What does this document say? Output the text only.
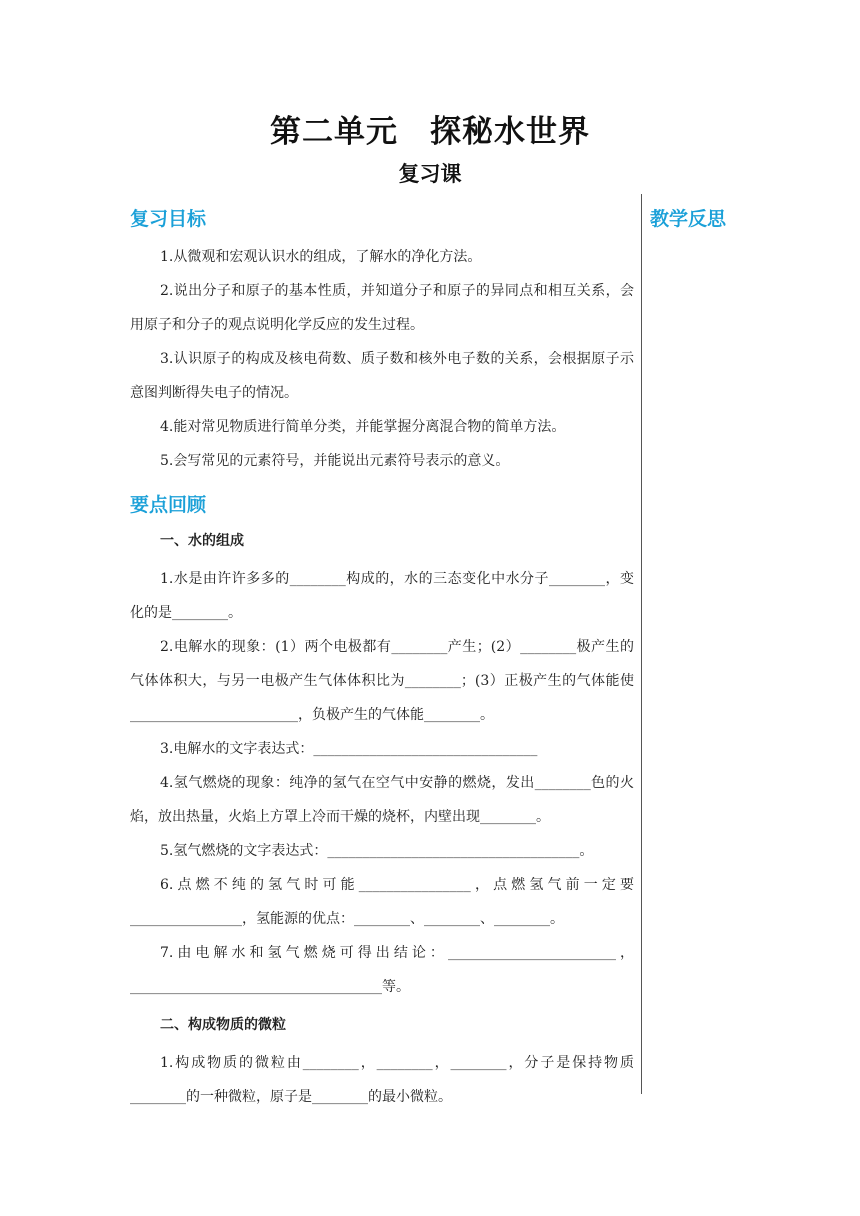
第二单元　探秘水世界
复习课
教学反思
复习目标

1.从微观和宏观认识水的组成，了解水的净化方法。

2.说出分子和原子的基本性质，并知道分子和原子的异同点和相互关系，会用原子和分子的观点说明化学反应的发生过程。

3.认识原子的构成及核电荷数、质子数和核外电子数的关系，会根据原子示意图判断得失电子的情况。

4.能对常见物质进行简单分类，并能掌握分离混合物的简单方法。

5.会写常见的元素符号，并能说出元素符号表示的意义。

要点回顾
一、水的组成

1.水是由许许多多的________构成的，水的三态变化中水分子________，变化的是________。

2.电解水的现象：(1）两个电极都有________产生；(2）________极产生的气体体积大，与另一电极产生气体体积比为________；(3）正极产生的气体能使________________________，负极产生的气体能________。

3.电解水的文字表达式：________________________________

4.氢气燃烧的现象：纯净的氢气在空气中安静的燃烧，发出________色的火焰，放出热量，火焰上方罩上冷而干燥的烧杯，内壁出现________。

5.氢气燃烧的文字表达式：____________________________________。

6.点燃不纯的氢气时可能________________，点燃氢气前一定要________________，氢能源的优点：________、________、________。

7.由电解水和氢气燃烧可得出结论：________________________，____________________________________等。

二、构成物质的微粒

1.构成物质的微粒由________，________，________，分子是保持物质________的一种微粒，原子是________的最小微粒。
